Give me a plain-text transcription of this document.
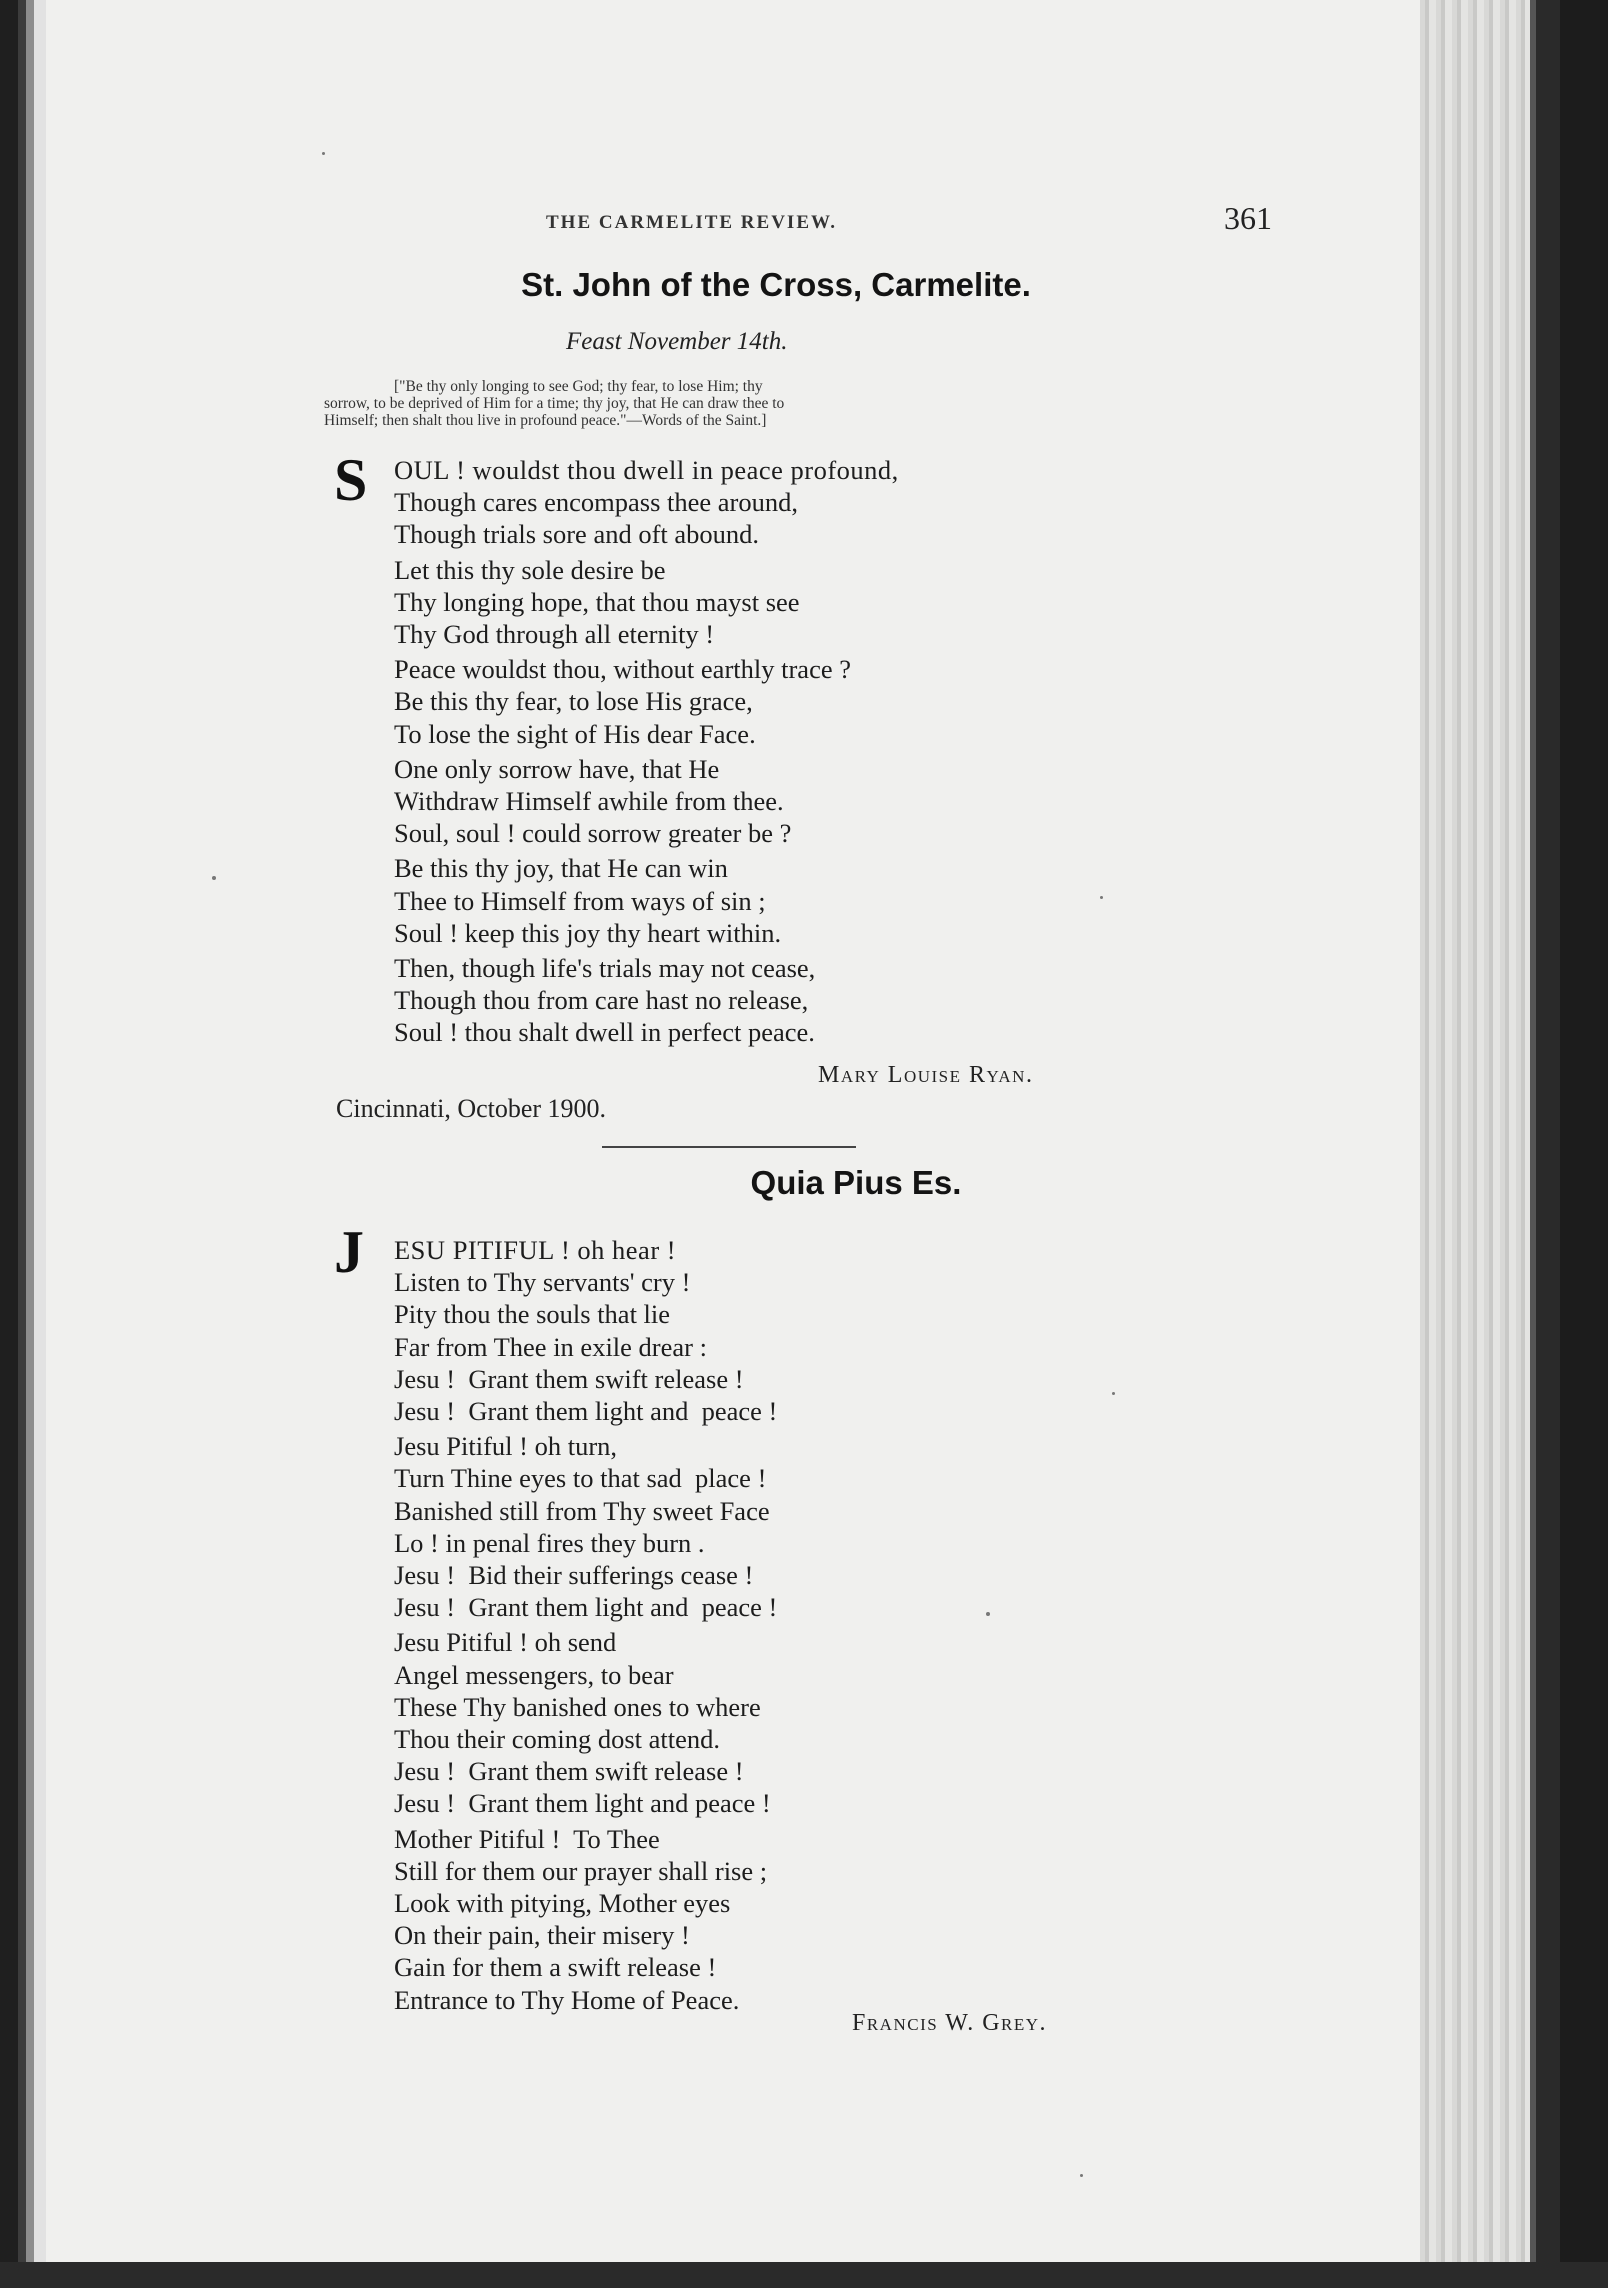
THE CARMELITE REVIEW.	361
St. John of the Cross, Carmelite.
Feast November 14th.

["Be thy only longing to see God; thy fear, to lose Him; thy

sorrow, to be deprived of Him for a time; thy joy, that He can draw thee to

Himself; then shalt thou live in profound peace."—Words of the Saint.]

S OUL ! wouldst thou dwell in peace profound,
Though cares encompass thee around,
Though trials sore and oft abound.
Let this thy sole desire be
Thy longing hope, that thou mayst see
Thy God through all eternity !
Peace wouldst thou, without earthly trace ?
Be this thy fear, to lose His grace,
To lose the sight of His dear Face.
One only sorrow have, that He
Withdraw Himself awhile from thee.
Soul, soul ! could sorrow greater be ?
Be this thy joy, that He can win
Thee to Himself from ways of sin ;
Soul ! keep this joy thy heart within.
Then, though life's trials may not cease,
Though thou from care hast no release,
Soul ! thou shalt dwell in perfect peace.
Mary Louise Ryan.
Cincinnati, October 1900.
Quia Pius Es.
J ESU PITIFUL ! oh hear !
Listen to Thy servants' cry !
Pity thou the souls that lie
Far from Thee in exile drear :
Jesu !  Grant them swift release !
Jesu !  Grant them light and  peace !
Jesu Pitiful ! oh turn,
Turn Thine eyes to that sad  place !
Banished still from Thy sweet Face
Lo ! in penal fires they burn .
Jesu !  Bid their sufferings cease !
Jesu !  Grant them light and  peace !
Jesu Pitiful ! oh send
Angel messengers, to bear
These Thy banished ones to where
Thou their coming dost attend.
Jesu !  Grant them swift release !
Jesu !  Grant them light and peace !
Mother Pitiful !  To Thee
Still for them our prayer shall rise ;
Look with pitying, Mother eyes
On their pain, their misery !
Gain for them a swift release !
Entrance to Thy Home of Peace.
Francis W. Grey.
